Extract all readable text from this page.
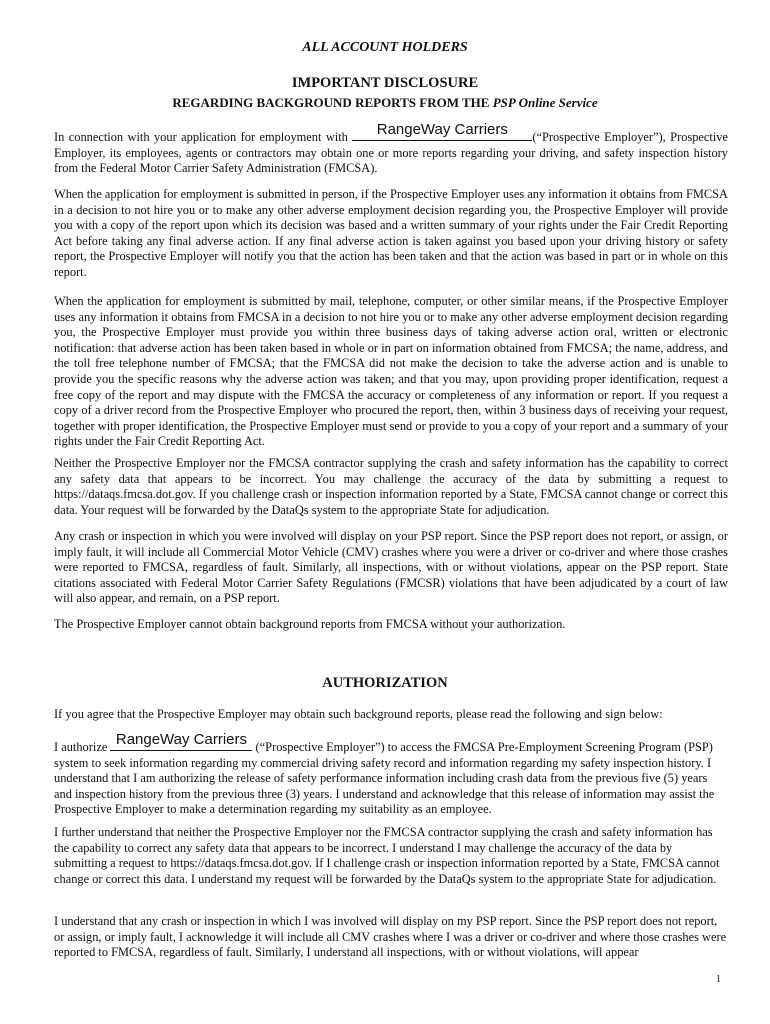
ALL ACCOUNT HOLDERS
IMPORTANT DISCLOSURE
REGARDING BACKGROUND REPORTS FROM THE PSP Online Service

In connection with your application for employment with	RangeWay Carriers	(“Prospective Employer”), Prospective Employer, its employees, agents or contractors may obtain one or more reports regarding your driving, and safety inspection history from the Federal Motor Carrier Safety Administration (FMCSA).

When the application for employment is submitted in person, if the Prospective Employer uses any information it obtains from FMCSA in a decision to not hire you or to make any other adverse employment decision regarding you, the Prospective Employer will provide you with a copy of the report upon which its decision was based and a written summary of your rights under the Fair Credit Reporting Act before taking any final adverse action. If any final adverse action is taken against you based upon your driving history or safety report, the Prospective Employer will notify you that the action has been taken and that the action was based in part or in whole on this report.

When the application for employment is submitted by mail, telephone, computer, or other similar means, if the Prospective Employer uses any information it obtains from FMCSA in a decision to not hire you or to make any other adverse employment decision regarding you, the Prospective Employer must provide you within three business days of taking adverse action oral, written or electronic notification: that adverse action has been taken based in whole or in part on information obtained from FMCSA; the name, address, and the toll free telephone number of FMCSA; that the FMCSA did not make the decision to take the adverse action and is unable to provide you the specific reasons why the adverse action was taken; and that you may, upon providing proper identification, request a free copy of the report and may dispute with the FMCSA the accuracy or completeness of any information or report. If you request a copy of a driver record from the Prospective Employer who procured the report, then, within 3 business days of receiving your request, together with proper identification, the Prospective Employer must send or provide to you a copy of your report and a summary of your rights under the Fair Credit Reporting Act.

Neither the Prospective Employer nor the FMCSA contractor supplying the crash and safety information has the capability to correct any safety data that appears to be incorrect. You may challenge the accuracy of the data by submitting a request to https://dataqs.fmcsa.dot.gov. If you challenge crash or inspection information reported by a State, FMCSA cannot change or correct this data. Your request will be forwarded by the DataQs system to the appropriate State for adjudication.

Any crash or inspection in which you were involved will display on your PSP report. Since the PSP report does not report, or assign, or imply fault, it will include all Commercial Motor Vehicle (CMV) crashes where you were a driver or co-driver and where those crashes were reported to FMCSA, regardless of fault. Similarly, all inspections, with or without violations, appear on the PSP report. State citations associated with Federal Motor Carrier Safety Regulations (FMCSR) violations that have been adjudicated by a court of law will also appear, and remain, on a PSP report.

The Prospective Employer cannot obtain background reports from FMCSA without your authorization.

AUTHORIZATION

If you agree that the Prospective Employer may obtain such background reports, please read the following and sign below:

I authorize RangeWay Carriers (“Prospective Employer”) to access the FMCSA Pre-Employment Screening Program (PSP) system to seek information regarding my commercial driving safety record and information regarding my safety inspection history. I understand that I am authorizing the release of safety performance information including crash data from the previous five (5) years and inspection history from the previous three (3) years. I understand and acknowledge that this release of information may assist the Prospective Employer to make a determination regarding my suitability as an employee.

I further understand that neither the Prospective Employer nor the FMCSA contractor supplying the crash and safety information has the capability to correct any safety data that appears to be incorrect. I understand I may challenge the accuracy of the data by submitting a request to https://dataqs.fmcsa.dot.gov. If I challenge crash or inspection information reported by a State, FMCSA cannot change or correct this data. I understand my request will be forwarded by the DataQs system to the appropriate State for adjudication.

I understand that any crash or inspection in which I was involved will display on my PSP report. Since the PSP report does not report, or assign, or imply fault, I acknowledge it will include all CMV crashes where I was a driver or co-driver and where those crashes were reported to FMCSA, regardless of fault. Similarly, I understand all inspections, with or without violations, will appear

1
